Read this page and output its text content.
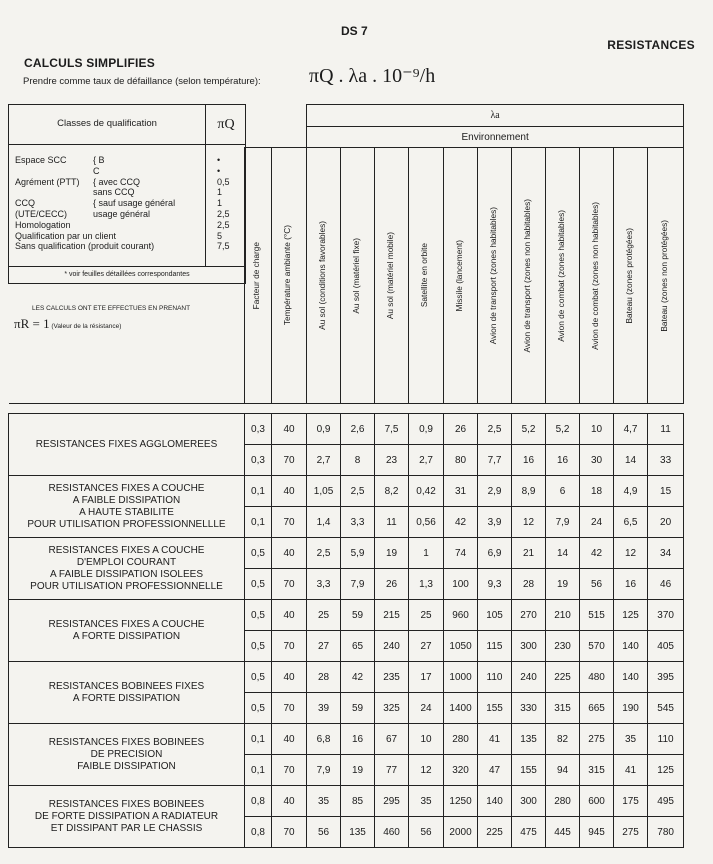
DS 7
RESISTANCES
CALCULS SIMPLIFIES
Prendre comme taux de défaillance (selon température): πQ . λa . 10⁻⁹/h
			λa										
			Environnement										

	Facteur de charge	Température ambiante (°C)	Au sol (conditions favorables)	Au sol (matériel fixe)	Au sol (matériel mobile)	Satellite en orbite	Missile (lancement)	Avion de transport (zones habitables)	Avion de transport (zones non habitables)	Avion de combat (zones habitables)	Avion de combat (zones non habitables)	Bateau (zones protégées)	Bateau (zones non protégées)

RESISTANCES FIXES AGGLOMEREES	0,3	40	0,9	2,6	7,5	0,9	26	2,5	5,2	5,2	10	4,7	11
	0,3	70	2,7	8	23	2,7	80	7,7	16	16	30	14	33

RESISTANCES FIXES A COUCHE
A FAIBLE DISSIPATION
A HAUTE STABILITE
POUR UTILISATION PROFESSIONNELLLE	0,1	40	1,05	2,5	8,2	0,42	31	2,9	8,9	6	18	4,9	15
	0,1	70	1,4	3,3	11	0,56	42	3,9	12	7,9	24	6,5	20

RESISTANCES FIXES A COUCHE
D'EMPLOI COURANT
A FAIBLE DISSIPATION ISOLEES
POUR UTILISATION PROFESSIONNELLE	0,5	40	2,5	5,9	19	1	74	6,9	21	14	42	12	34
	0,5	70	3,3	7,9	26	1,3	100	9,3	28	19	56	16	46

RESISTANCES FIXES A COUCHE
A FORTE DISSIPATION	0,5	40	25	59	215	25	960	105	270	210	515	125	370
	0,5	70	27	65	240	27	1050	115	300	230	570	140	405

RESISTANCES BOBINEES FIXES
A FORTE DISSIPATION	0,5	40	28	42	235	17	1000	110	240	225	480	140	395
	0,5	70	39	59	325	24	1400	155	330	315	665	190	545

RESISTANCES FIXES BOBINEES
DE PRECISION
FAIBLE DISSIPATION	0,1	40	6,8	16	67	10	280	41	135	82	275	35	110
	0,1	70	7,9	19	77	12	320	47	155	94	315	41	125

RESISTANCES FIXES BOBINEES
DE FORTE DISSIPATION A RADIATEUR
ET DISSIPANT PAR LE CHASSIS	0,8	40	35	85	295	35	1250	140	300	280	600	175	495
	0,8	70	56	135	460	56	2000	225	475	445	945	275	780
Classes de qualification	πQ
Espace SCC	{ B	•
C	•
Agrément (PTT) { avec CCQ	0,5
sans CCQ	1
CCQ	{ sauf usage général	1
(UTE/CECC)	usage général	2,5
Homologation	2,5
Qualification par un client	5
Sans qualification (produit courant)	7,5
* voir feuilles détaillées correspondantes
LES CALCULS ONT ETE EFFECTUES EN PRENANT
πR = 1 (Valeur de la résistance)
